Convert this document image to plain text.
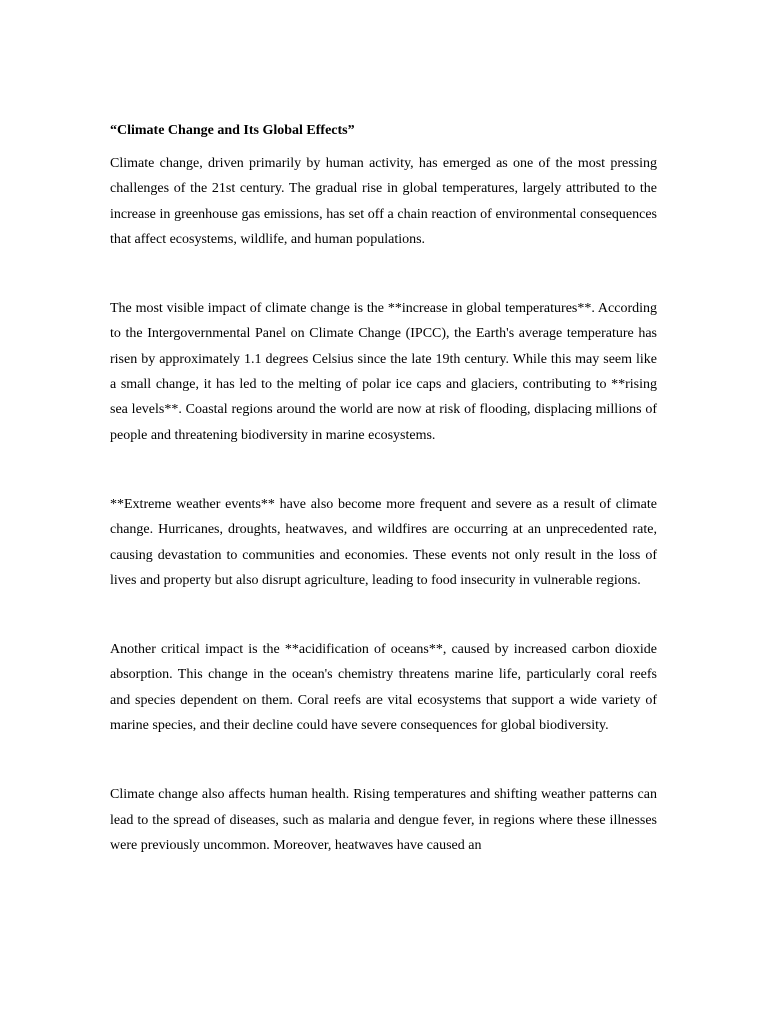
“Climate Change and Its Global Effects”

Climate change, driven primarily by human activity, has emerged as one of the most pressing challenges of the 21st century. The gradual rise in global temperatures, largely attributed to the increase in greenhouse gas emissions, has set off a chain reaction of environmental consequences that affect ecosystems, wildlife, and human populations.

The most visible impact of climate change is the **increase in global temperatures**. According to the Intergovernmental Panel on Climate Change (IPCC), the Earth's average temperature has risen by approximately 1.1 degrees Celsius since the late 19th century. While this may seem like a small change, it has led to the melting of polar ice caps and glaciers, contributing to **rising sea levels**. Coastal regions around the world are now at risk of flooding, displacing millions of people and threatening biodiversity in marine ecosystems.

**Extreme weather events** have also become more frequent and severe as a result of climate change. Hurricanes, droughts, heatwaves, and wildfires are occurring at an unprecedented rate, causing devastation to communities and economies. These events not only result in the loss of lives and property but also disrupt agriculture, leading to food insecurity in vulnerable regions.

Another critical impact is the **acidification of oceans**, caused by increased carbon dioxide absorption. This change in the ocean's chemistry threatens marine life, particularly coral reefs and species dependent on them. Coral reefs are vital ecosystems that support a wide variety of marine species, and their decline could have severe consequences for global biodiversity.

Climate change also affects human health. Rising temperatures and shifting weather patterns can lead to the spread of diseases, such as malaria and dengue fever, in regions where these illnesses were previously uncommon. Moreover, heatwaves have caused an
